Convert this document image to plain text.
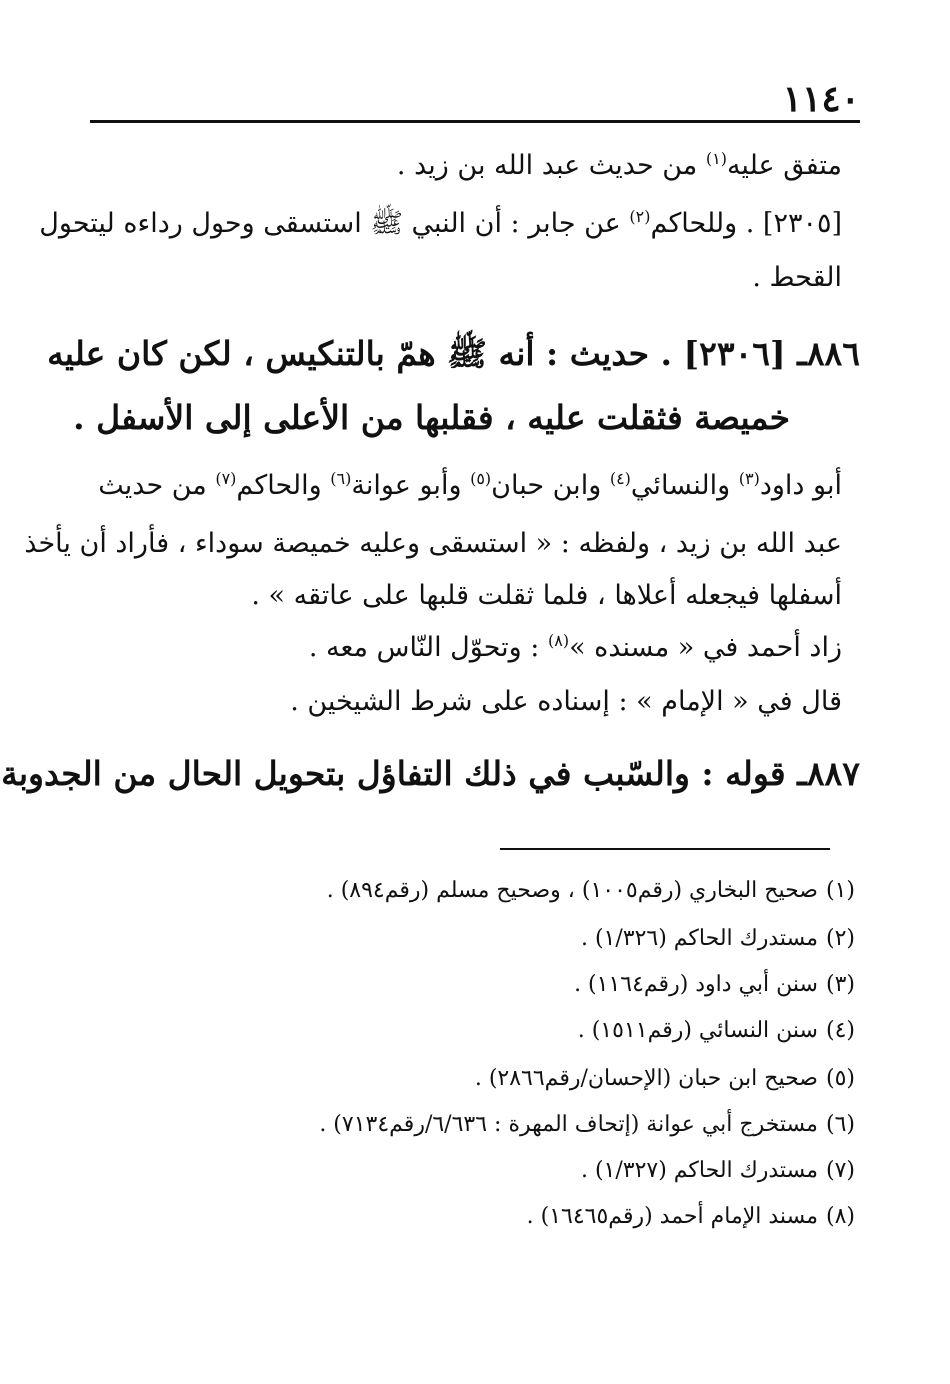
١١٤٠
متفق عليه$^{(١)}$ من حديث عبد الله بن زيد .
[٢٣٠٥] . وللحاكم$^{(٢)}$ عن جابر : أن النبي ﷺ استسقى وحول رداءه ليتحول
القحط .
٨٨٦ـ [٢٣٠٦] . حديث : أنه ﷺ همّ بالتنكيس ، لكن كان عليه
خميصة فثقلت عليه ، فقلبها من الأعلى إلى الأسفل .
أبو داود$^{(٣)}$ والنسائي$^{(٤)}$ وابن حبان$^{(٥)}$ وأبو عوانة$^{(٦)}$ والحاكم$^{(٧)}$ من حديث
عبد الله بن زيد ، ولفظه : « استسقى وعليه خميصة سوداء ، فأراد أن يأخذ
أسفلها فيجعله أعلاها ، فلما ثقلت قلبها على عاتقه » .
زاد أحمد في « مسنده »$^{(٨)}$ : وتحوّل النّاس معه .
قال في « الإمام » : إسناده على شرط الشيخين .
٨٨٧ـ قوله : والسّبب في ذلك التفاؤل بتحويل الحال من الجدوبة
(١)صحيح البخاري (رقم١٠٠٥) ، وصحيح مسلم (رقم٨٩٤) .
(٢)مستدرك الحاكم (١/٣٢٦) .
(٣)سنن أبي داود (رقم١١٦٤) .
(٤)سنن النسائي (رقم١٥١١) .
(٥)صحيح ابن حبان (الإحسان/رقم٢٨٦٦) .
(٦)مستخرج أبي عوانة (إتحاف المهرة : ٦/٦٣٦/رقم٧١٣٤) .
(٧)مستدرك الحاكم (١/٣٢٧) .
(٨)مسند الإمام أحمد (رقم١٦٤٦٥) .
